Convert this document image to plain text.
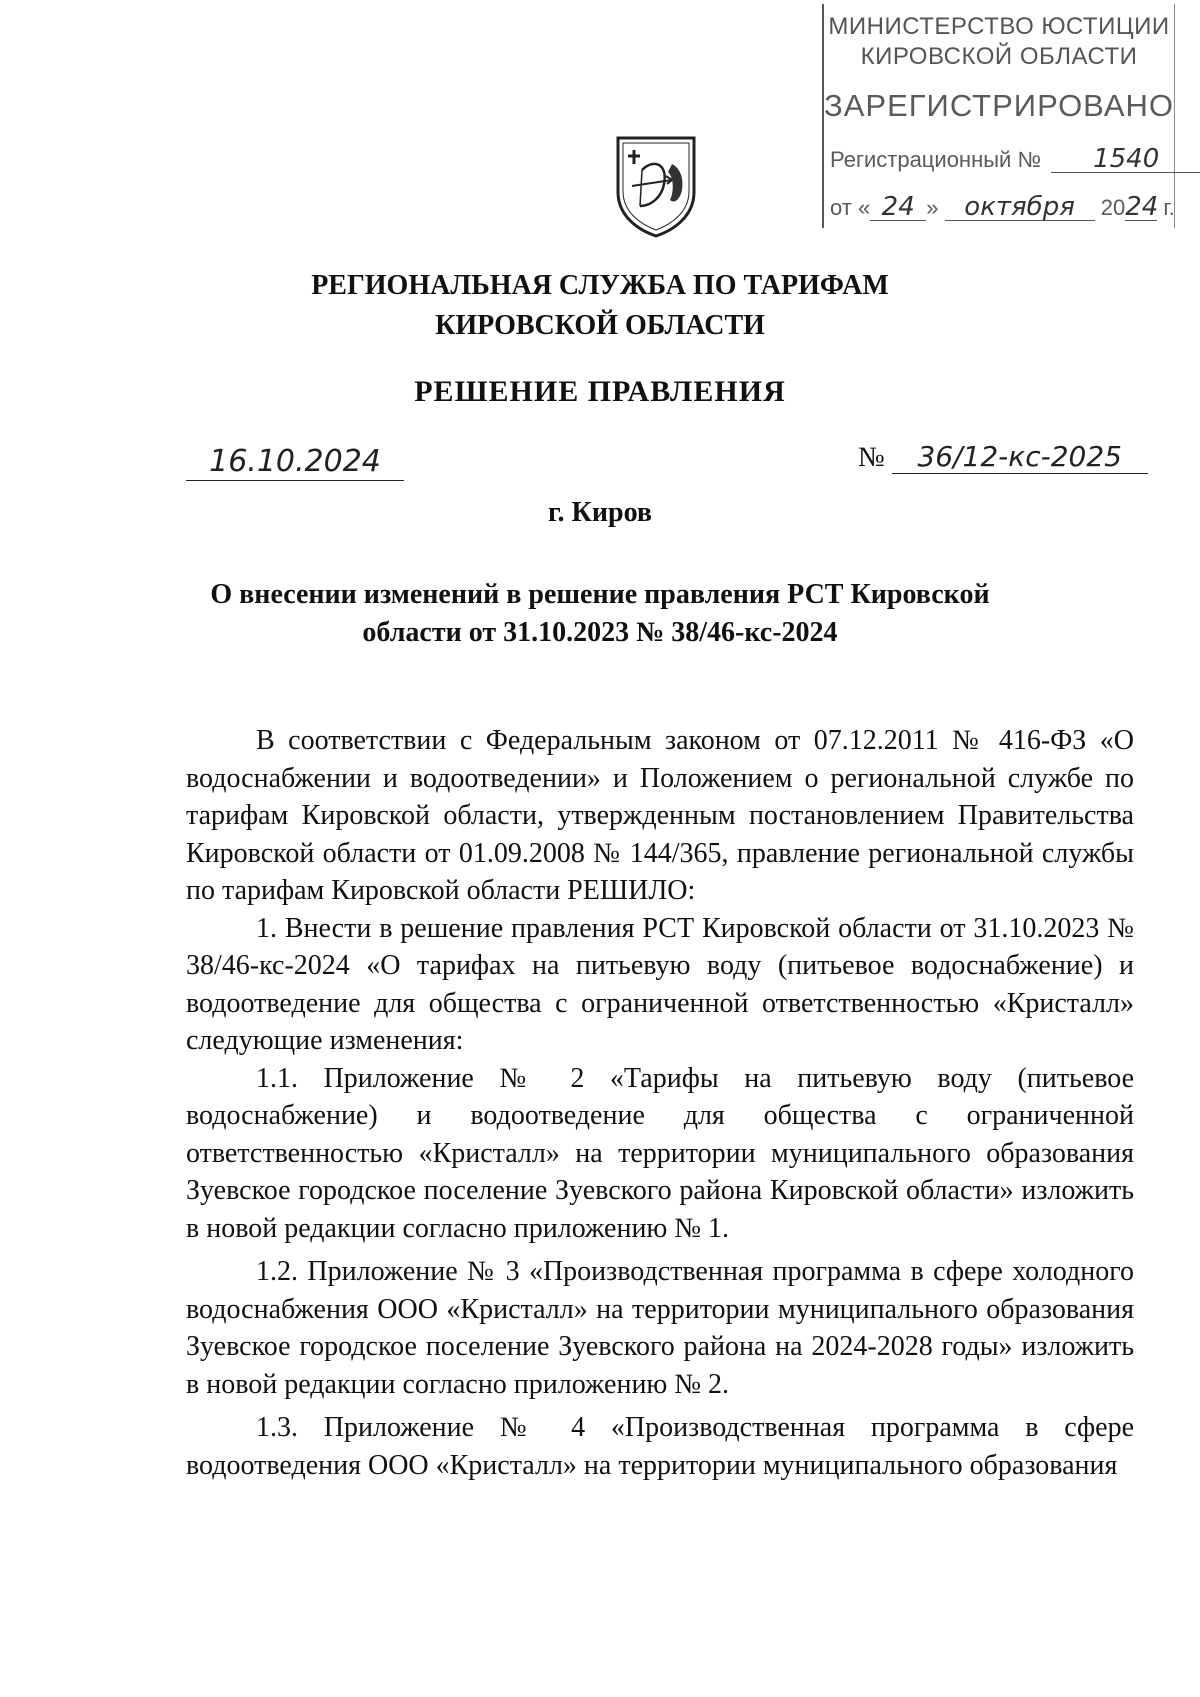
МИНИСТЕРСТВО ЮСТИЦИИ
КИРОВСКОЙ ОБЛАСТИ
ЗАРЕГИСТРИРОВАНО
Регистрационный № 1540
от « 24 » октября 2024 г.
РЕГИОНАЛЬНАЯ СЛУЖБА ПО ТАРИФАМ
КИРОВСКОЙ ОБЛАСТИ
РЕШЕНИЕ ПРАВЛЕНИЯ
16.10.2024	№ 36/12-кс-2025
г. Киров
О внесении изменений в решение правления РСТ Кировской
области от 31.10.2023 № 38/46-кс-2024

В соответствии с Федеральным законом от 07.12.2011 № 416-ФЗ «О водоснабжении и водоотведении» и Положением о региональной службе по тарифам Кировской области, утвержденным постановлением Правительства Кировской области от 01.09.2008 № 144/365, правление региональной службы по тарифам Кировской области РЕШИЛО:

1. Внести в решение правления РСТ Кировской области от 31.10.2023 № 38/46-кс-2024 «О тарифах на питьевую воду (питьевое водоснабжение) и водоотведение для общества с ограниченной ответственностью «Кристалл» следующие изменения:

1.1. Приложение № 2 «Тарифы на питьевую воду (питьевое водоснабжение) и водоотведение для общества с ограниченной ответственностью «Кристалл» на территории муниципального образования Зуевское городское поселение Зуевского района Кировской области» изложить в новой редакции согласно приложению № 1.

1.2. Приложение № 3 «Производственная программа в сфере холодного водоснабжения ООО «Кристалл» на территории муниципального образования Зуевское городское поселение Зуевского района на 2024-2028 годы» изложить в новой редакции согласно приложению № 2.

1.3. Приложение № 4 «Производственная программа в сфере водоотведения ООО «Кристалл» на территории муниципального образования
